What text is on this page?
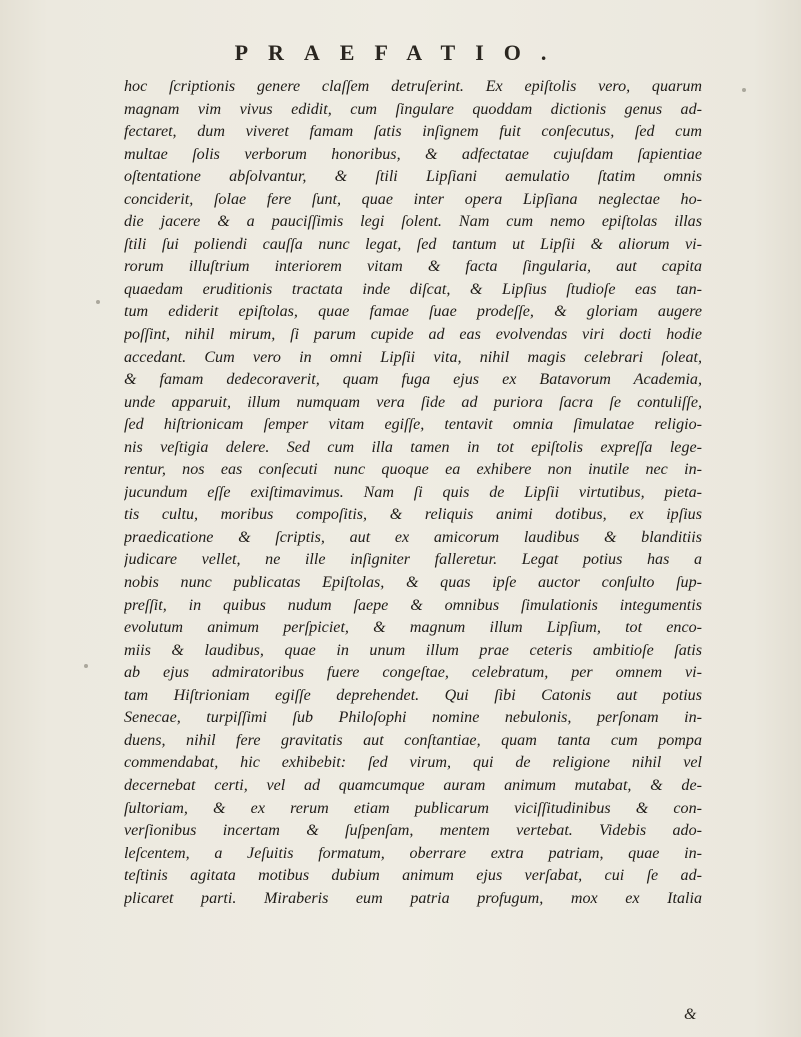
PRAEFATIO.
hoc ſcriptionis genere claſſem detruſerint. Ex epiſtolis vero, quarum
magnam vim vivus edidit, cum ſingulare quoddam dictionis genus ad-
fectaret, dum viveret famam ſatis inſignem fuit conſecutus, ſed cum
multae ſolis verborum honoribus, & adfectatae cujuſdam ſapientiae
oſtentatione abſolvantur, & ſtili Lipſiani aemulatio ſtatim omnis
conciderit, ſolae fere ſunt, quae inter opera Lipſiana neglectae ho-
die jacere & a pauciſſimis legi ſolent. Nam cum nemo epiſtolas illas
ſtili ſui poliendi cauſſa nunc legat, ſed tantum ut Lipſii & aliorum vi-
rorum illuſtrium interiorem vitam & facta ſingularia, aut capita
quaedam eruditionis tractata inde diſcat, & Lipſius ſtudioſe eas tan-
tum ediderit epiſtolas, quae famae ſuae prodeſſe, & gloriam augere
poſſint, nihil mirum, ſi parum cupide ad eas evolvendas viri docti hodie
accedant. Cum vero in omni Lipſii vita, nihil magis celebrari ſoleat,
& famam dedecoraverit, quam fuga ejus ex Batavorum Academia,
unde apparuit, illum numquam vera ſide ad puriora ſacra ſe contuliſſe,
ſed hiſtrionicam ſemper vitam egiſſe, tentavit omnia ſimulatae religio-
nis veſtigia delere. Sed cum illa tamen in tot epiſtolis expreſſa lege-
rentur, nos eas conſecuti nunc quoque ea exhibere non inutile nec in-
jucundum eſſe exiſtimavimus. Nam ſi quis de Lipſii virtutibus, pieta-
tis cultu, moribus compoſitis, & reliquis animi dotibus, ex ipſius
praedicatione & ſcriptis, aut ex amicorum laudibus & blanditiis
judicare vellet, ne ille inſigniter falleretur. Legat potius has a
nobis nunc publicatas Epiſtolas, & quas ipſe auctor conſulto ſup-
preſſit, in quibus nudum ſaepe & omnibus ſimulationis integumentis
evolutum animum perſpiciet, & magnum illum Lipſium, tot enco-
miis & laudibus, quae in unum illum prae ceteris ambitioſe ſatis
ab ejus admiratoribus fuere congeſtae, celebratum, per omnem vi-
tam Hiſtrioniam egiſſe deprehendet. Qui ſibi Catonis aut potius
Senecae, turpiſſimi ſub Philoſophi nomine nebulonis, perſonam in-
duens, nihil fere gravitatis aut conſtantiae, quam tanta cum pompa
commendabat, hic exhibebit: ſed virum, qui de religione nihil vel
decernebat certi, vel ad quamcumque auram animum mutabat, & de-
ſultoriam, & ex rerum etiam publicarum viciſſitudinibus & con-
verſionibus incertam & ſuſpenſam, mentem vertebat. Videbis ado-
leſcentem, a Jeſuitis formatum, oberrare extra patriam, quae in-
teſtinis agitata motibus dubium animum ejus verſabat, cui ſe ad-
plicaret parti. Miraberis eum patria profugum, mox ex Italia
&
